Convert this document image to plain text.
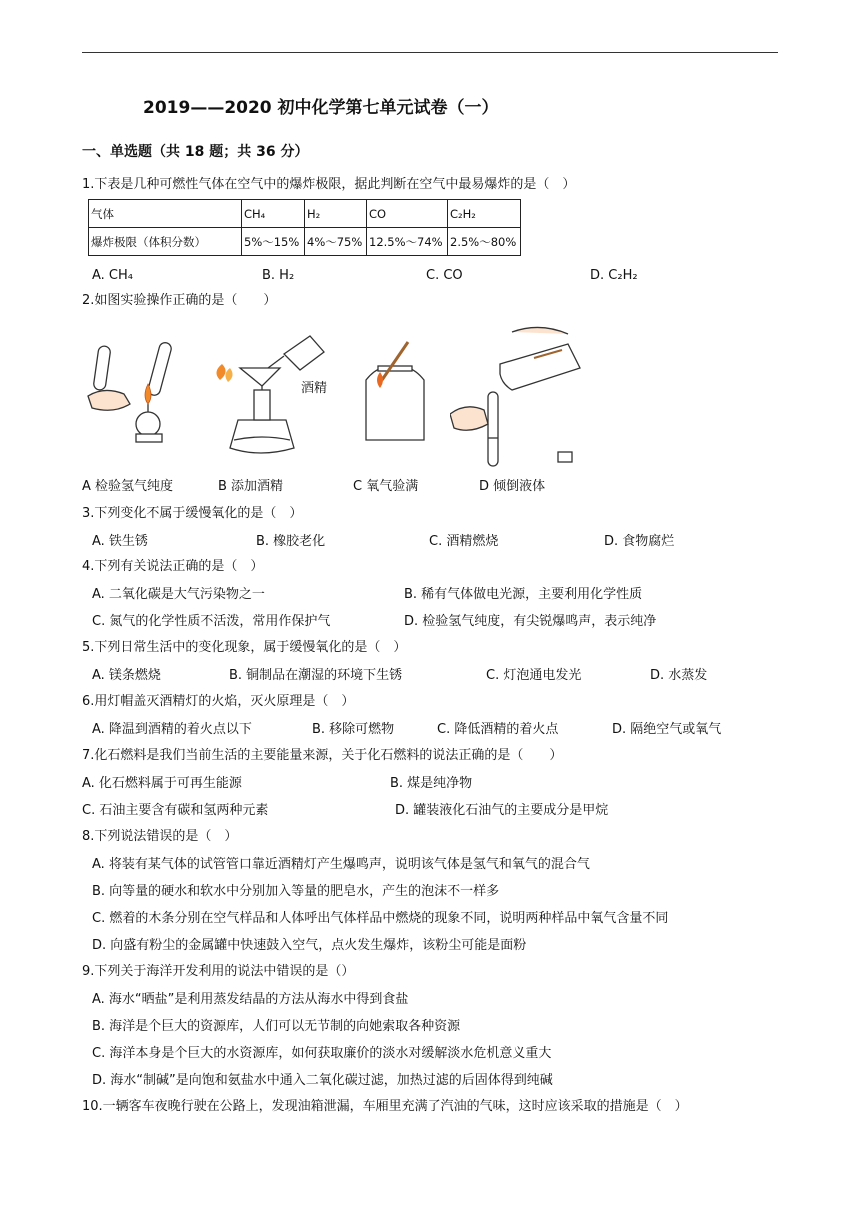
2019——2020 初中化学第七单元试卷（一）
一、单选题（共 18 题；共 36 分）
1.下表是几种可燃性气体在空气中的爆炸极限，据此判断在空气中最易爆炸的是（　）
气体	CH₄	H₂	CO	C₂H₂
爆炸极限（体积分数）	5%～15%	4%～75%	12.5%～74%	2.5%～80%
A. CH₄	B. H₂	C. CO	D. C₂H₂
2.如图实验操作正确的是（　　）
酒精
A 检验氢气纯度	B 添加酒精	C 氧气验满	D 倾倒液体
3.下列变化不属于缓慢氧化的是（　）
A. 铁生锈	B. 橡胶老化	C. 酒精燃烧	D. 食物腐烂
4.下列有关说法正确的是（　）
A. 二氧化碳是大气污染物之一	B. 稀有气体做电光源，主要利用化学性质
C. 氮气的化学性质不活泼，常用作保护气	D. 检验氢气纯度，有尖锐爆鸣声，表示纯净
5.下列日常生活中的变化现象，属于缓慢氧化的是（　）
A. 镁条燃烧	B. 铜制品在潮湿的环境下生锈	C. 灯泡通电发光	D. 水蒸发
6.用灯帽盖灭酒精灯的火焰，灭火原理是（　）
A. 降温到酒精的着火点以下	B. 移除可燃物	C. 降低酒精的着火点	D. 隔绝空气或氧气
7.化石燃料是我们当前生活的主要能量来源，关于化石燃料的说法正确的是（　　）
A. 化石燃料属于可再生能源	B. 煤是纯净物
C. 石油主要含有碳和氢两种元素	D. 罐装液化石油气的主要成分是甲烷
8.下列说法错误的是（　）
A. 将装有某气体的试管管口靠近酒精灯产生爆鸣声，说明该气体是氢气和氧气的混合气
B. 向等量的硬水和软水中分别加入等量的肥皂水，产生的泡沫不一样多
C. 燃着的木条分别在空气样品和人体呼出气体样品中燃烧的现象不同，说明两种样品中氧气含量不同
D. 向盛有粉尘的金属罐中快速鼓入空气，点火发生爆炸，该粉尘可能是面粉
9.下列关于海洋开发利用的说法中错误的是（）
A. 海水“晒盐”是利用蒸发结晶的方法从海水中得到食盐
B. 海洋是个巨大的资源库，人们可以无节制的向她索取各种资源
C. 海洋本身是个巨大的水资源库，如何获取廉价的淡水对缓解淡水危机意义重大
D. 海水“制碱”是向饱和氨盐水中通入二氧化碳过滤，加热过滤的后固体得到纯碱
10.一辆客车夜晚行驶在公路上，发现油箱泄漏，车厢里充满了汽油的气味，这时应该采取的措施是（　）
